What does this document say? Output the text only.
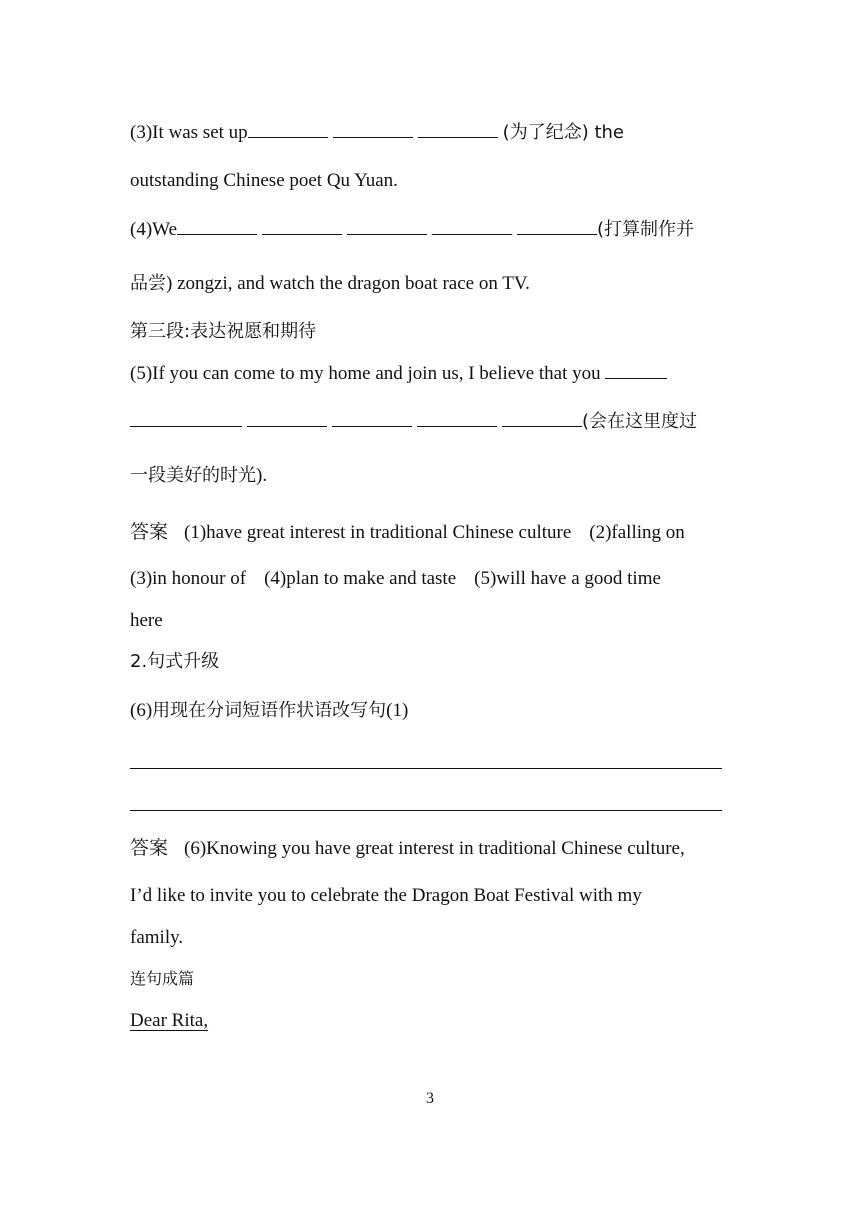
(3)It was set up	(为了纪念) the
outstanding Chinese poet Qu Yuan.
(4)We	(打算制作并
品尝) zongzi, and watch the dragon boat race on TV.
第三段:表达祝愿和期待
(5)If you can come to my home and join us, I believe that you
(会在这里度过
一段美好的时光).
答案 (1)have great interest in traditional Chinese culture (2)falling on
(3)in honour of (4)plan to make and taste (5)will have a good time
here
2.句式升级
(6)用现在分词短语作状语改写句(1)
答案 (6)Knowing you have great interest in traditional Chinese culture,
I’d like to invite you to celebrate the Dragon Boat Festival with my
family.
连句成篇
Dear Rita,
3
